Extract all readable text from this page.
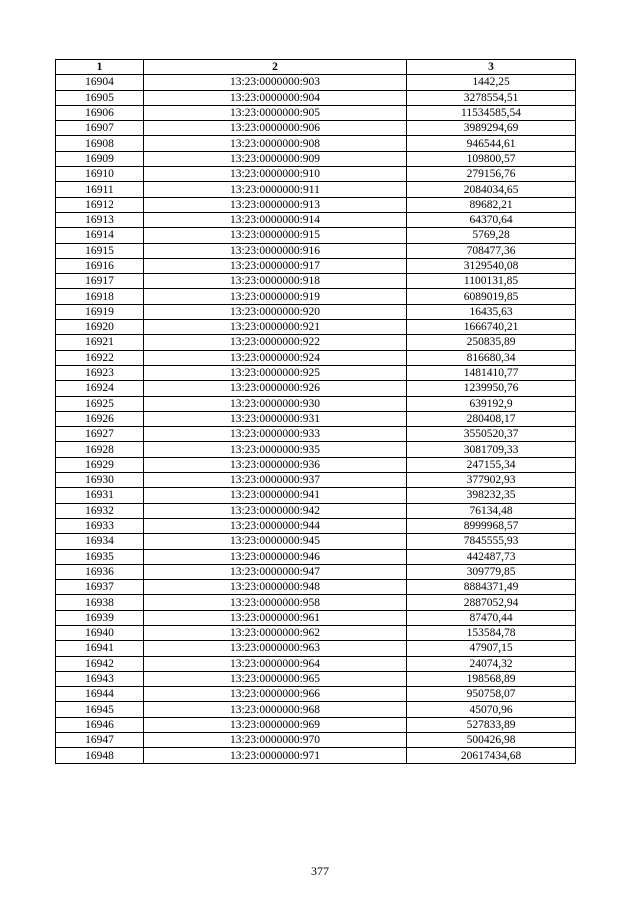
1	2	3
16904	13:23:0000000:903	1442,25
16905	13:23:0000000:904	3278554,51
16906	13:23:0000000:905	11534585,54
16907	13:23:0000000:906	3989294,69
16908	13:23:0000000:908	946544,61
16909	13:23:0000000:909	109800,57
16910	13:23:0000000:910	279156,76
16911	13:23:0000000:911	2084034,65
16912	13:23:0000000:913	89682,21
16913	13:23:0000000:914	64370,64
16914	13:23:0000000:915	5769,28
16915	13:23:0000000:916	708477,36
16916	13:23:0000000:917	3129540,08
16917	13:23:0000000:918	1100131,85
16918	13:23:0000000:919	6089019,85
16919	13:23:0000000:920	16435,63
16920	13:23:0000000:921	1666740,21
16921	13:23:0000000:922	250835,89
16922	13:23:0000000:924	816680,34
16923	13:23:0000000:925	1481410,77
16924	13:23:0000000:926	1239950,76
16925	13:23:0000000:930	639192,9
16926	13:23:0000000:931	280408,17
16927	13:23:0000000:933	3550520,37
16928	13:23:0000000:935	3081709,33
16929	13:23:0000000:936	247155,34
16930	13:23:0000000:937	377902,93
16931	13:23:0000000:941	398232,35
16932	13:23:0000000:942	76134,48
16933	13:23:0000000:944	8999968,57
16934	13:23:0000000:945	7845555,93
16935	13:23:0000000:946	442487,73
16936	13:23:0000000:947	309779,85
16937	13:23:0000000:948	8884371,49
16938	13:23:0000000:958	2887052,94
16939	13:23:0000000:961	87470,44
16940	13:23:0000000:962	153584,78
16941	13:23:0000000:963	47907,15
16942	13:23:0000000:964	24074,32
16943	13:23:0000000:965	198568,89
16944	13:23:0000000:966	950758,07
16945	13:23:0000000:968	45070,96
16946	13:23:0000000:969	527833,89
16947	13:23:0000000:970	500426,98
16948	13:23:0000000:971	20617434,68
377
